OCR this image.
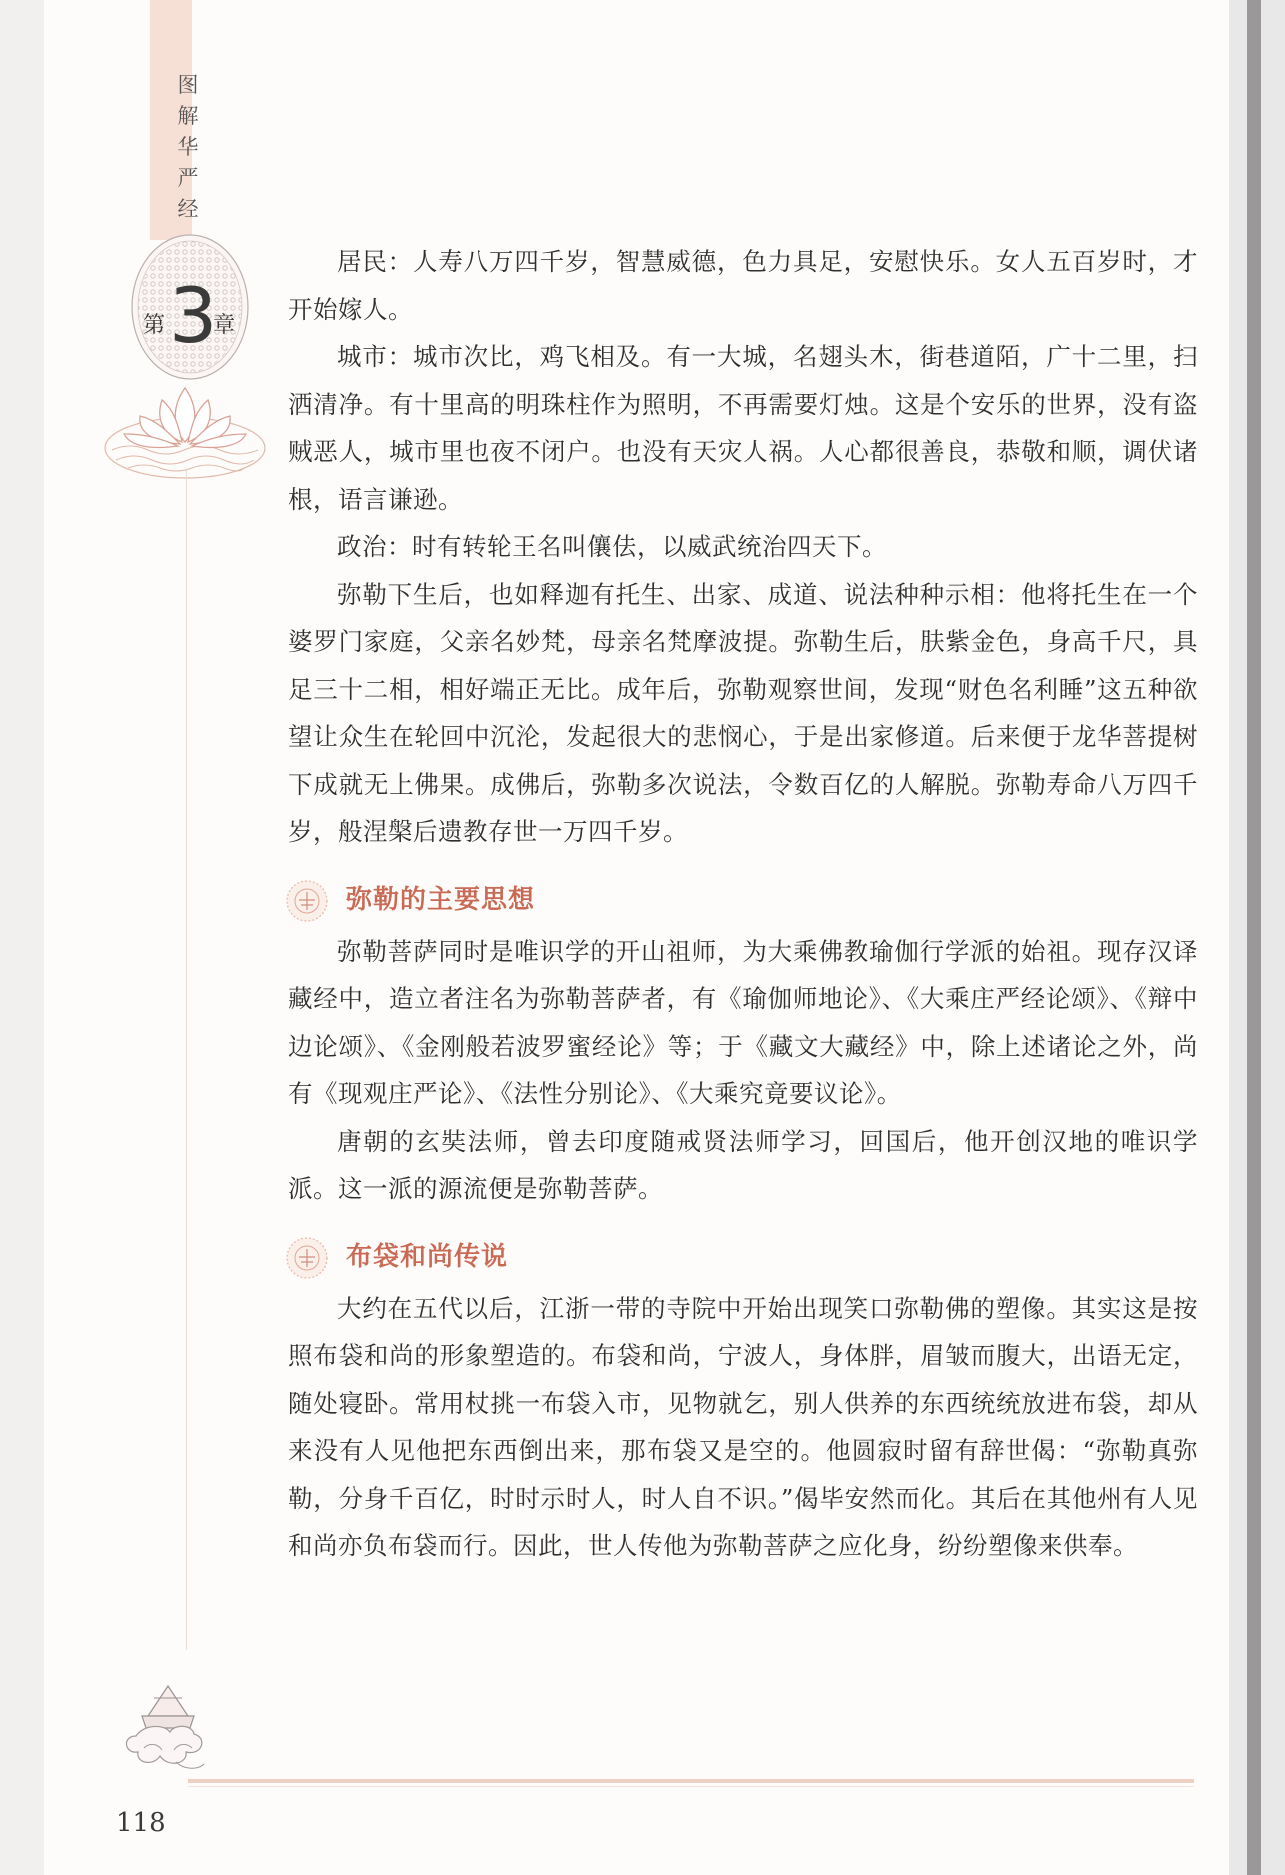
图
解
华
严
经
第 3
章

居民：人寿八万四千岁，智慧威德，色力具足，安慰快乐。女人五百岁时，才开始嫁人。

城市：城市次比，鸡飞相及。有一大城，名翅头木，街巷道陌，广十二里，扫洒清净。有十里高的明珠柱作为照明，不再需要灯烛。这是个安乐的世界，没有盗贼恶人，城市里也夜不闭户。也没有天灾人祸。人心都很善良，恭敬和顺，调伏诸根，语言谦逊。

政治：时有转轮王名叫儴佉，以威武统治四天下。

弥勒下生后，也如释迦有托生、出家、成道、说法种种示相：他将托生在一个婆罗门家庭，父亲名妙梵，母亲名梵摩波提。弥勒生后，肤紫金色，身高千尺，具足三十二相，相好端正无比。成年后，弥勒观察世间，发现“财色名利睡”这五种欲望让众生在轮回中沉沦，发起很大的悲悯心，于是出家修道。后来便于龙华菩提树下成就无上佛果。成佛后，弥勒多次说法，令数百亿的人解脱。弥勒寿命八万四千岁，般涅槃后遗教存世一万四千岁。

弥勒的主要思想

弥勒菩萨同时是唯识学的开山祖师，为大乘佛教瑜伽行学派的始祖。现存汉译藏经中，造立者注名为弥勒菩萨者，有《瑜伽师地论》、《大乘庄严经论颂》、《辩中边论颂》、《金刚般若波罗蜜经论》等；于《藏文大藏经》中，除上述诸论之外，尚有《现观庄严论》、《法性分别论》、《大乘究竟要议论》。

唐朝的玄奘法师，曾去印度随戒贤法师学习，回国后，他开创汉地的唯识学派。这一派的源流便是弥勒菩萨。

布袋和尚传说

大约在五代以后，江浙一带的寺院中开始出现笑口弥勒佛的塑像。其实这是按照布袋和尚的形象塑造的。布袋和尚，宁波人，身体胖，眉皱而腹大，出语无定，随处寝卧。常用杖挑一布袋入市，见物就乞，别人供养的东西统统放进布袋，却从来没有人见他把东西倒出来，那布袋又是空的。他圆寂时留有辞世偈：“弥勒真弥勒，分身千百亿，时时示时人，时人自不识。”偈毕安然而化。其后在其他州有人见和尚亦负布袋而行。因此，世人传他为弥勒菩萨之应化身，纷纷塑像来供奉。

118
